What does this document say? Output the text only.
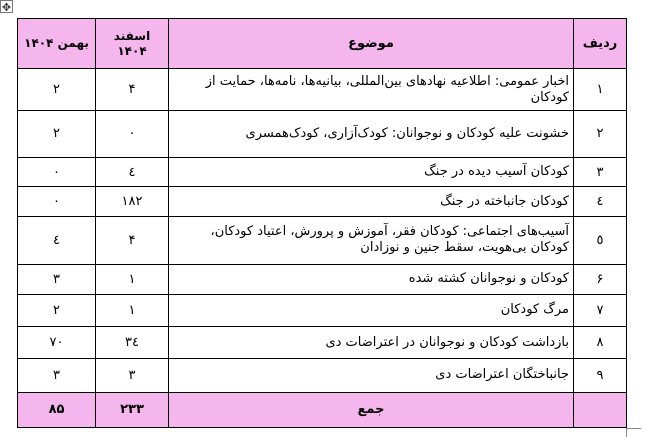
✥
ردیف	موضوع	اسفند ۱۴۰۴	بهمن ۱۴۰۴
۱	اخبار عمومی: اطلاعیه نهادهای بین‌المللی، بیانیه‌ها، نامه‌ها، حمایت از کودکان	۴	۲
۲	خشونت علیه کودکان و نوجوانان: کودک‌آزاری، کودک‌همسری	۰	۲
۳	کودکان آسیب دیده در جنگ	٤	۰
٤	کودکان جانباخته در جنگ	۱۸۲	۰
٥	آسیب‌های اجتماعی: کودکان فقر، آموزش و پرورش، اعتیاد کودکان، کودکان بی‌هویت، سقط جنین و نوزادان	۴	٤
۶	کودکان و نوجوانان کشته شده	۱	۳
۷	مرگ کودکان	۱	۲
۸	بازداشت کودکان و نوجوانان در اعتراضات دی	۳٤	۷۰
۹	جانباختگان اعتراضات دی	۳	۳
	جمع	۲۳۳	۸۵
